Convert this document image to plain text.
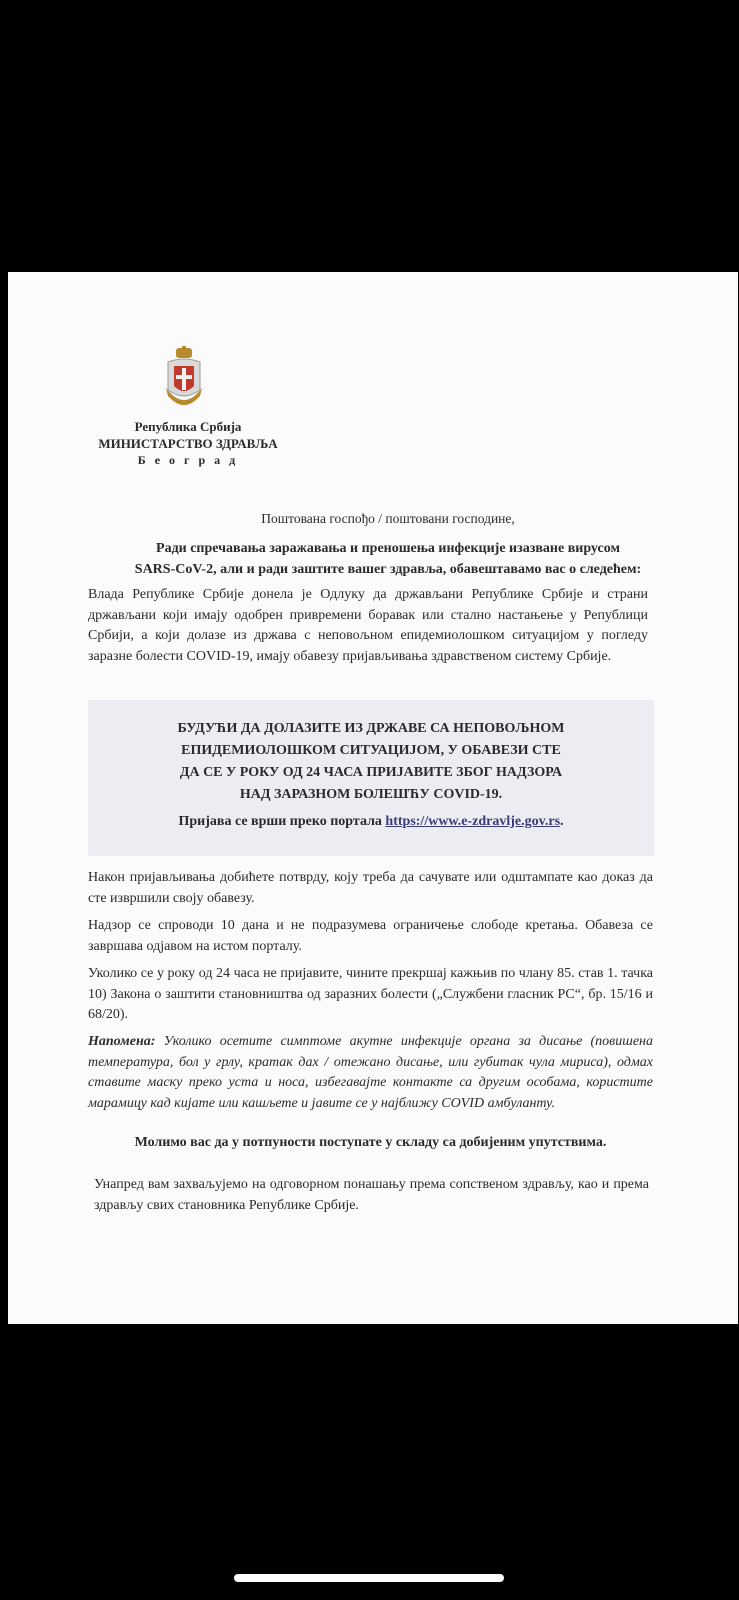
Република Србија
МИНИСТАРСТВО ЗДРАВЉА
Б е о г р а д

Поштована госпођо / поштовани господине,

Ради спречавања заражавања и преношења инфекције изазване вирусом
SARS-CoV-2, али и ради заштите вашег здравља, обавештавамо вас о следећем:

Влада Републике Србије донела је Одлуку да држављани Републике Србије и страни држављани који имају одобрен привремени боравак или стално настањење у Републици Србији, а који долазе из држава с неповољном епидемиолошком ситуацијом у погледу заразне болести COVID-19, имају обавезу пријављивања здравственом систему Србије.

БУДУЋИ ДА ДОЛАЗИТЕ ИЗ ДРЖАВЕ СА НЕПОВОЉНОМ
ЕПИДЕМИОЛОШКОМ СИТУАЦИЈОМ, У ОБАВЕЗИ СТЕ
ДА СЕ У РОКУ ОД 24 ЧАСА ПРИЈАВИТЕ ЗБОГ НАДЗОРА
НАД ЗАРАЗНОМ БОЛЕШЋУ COVID-19.
Пријава се врши преко портала https://www.e-zdravlje.gov.rs.

Након пријављивања добићете потврду, коју треба да сачувате или одштампате као доказ да сте извршили своју обавезу.

Надзор се спроводи 10 дана и не подразумева ограничење слободе кретања. Обавеза се завршава одјавом на истом порталу.

Уколико се у року од 24 часа не пријавите, чините прекршај кажњив по члану 85. став 1. тачка 10) Закона о заштити становништва од заразних болести („Службени гласник РС“, бр. 15/16 и 68/20).

Напомена: Уколико осетите симптоме акутне инфекције органа за дисање (повишена температура, бол у грлу, кратак дах / отежано дисање, или губитак чула мириса), одмах ставите маску преко уста и носа, избегавајте контакте са другим особама, користите марамицу кад кијате или кашљете и јавите се у најближу COVID амбуланту.

Молимо вас да у потпуности поступате у складу са добијеним упутствима.

Унапред вам захваљујемо на одговорном понашању према сопственом здрављу, као и према здрављу свих становника Републике Србије.
